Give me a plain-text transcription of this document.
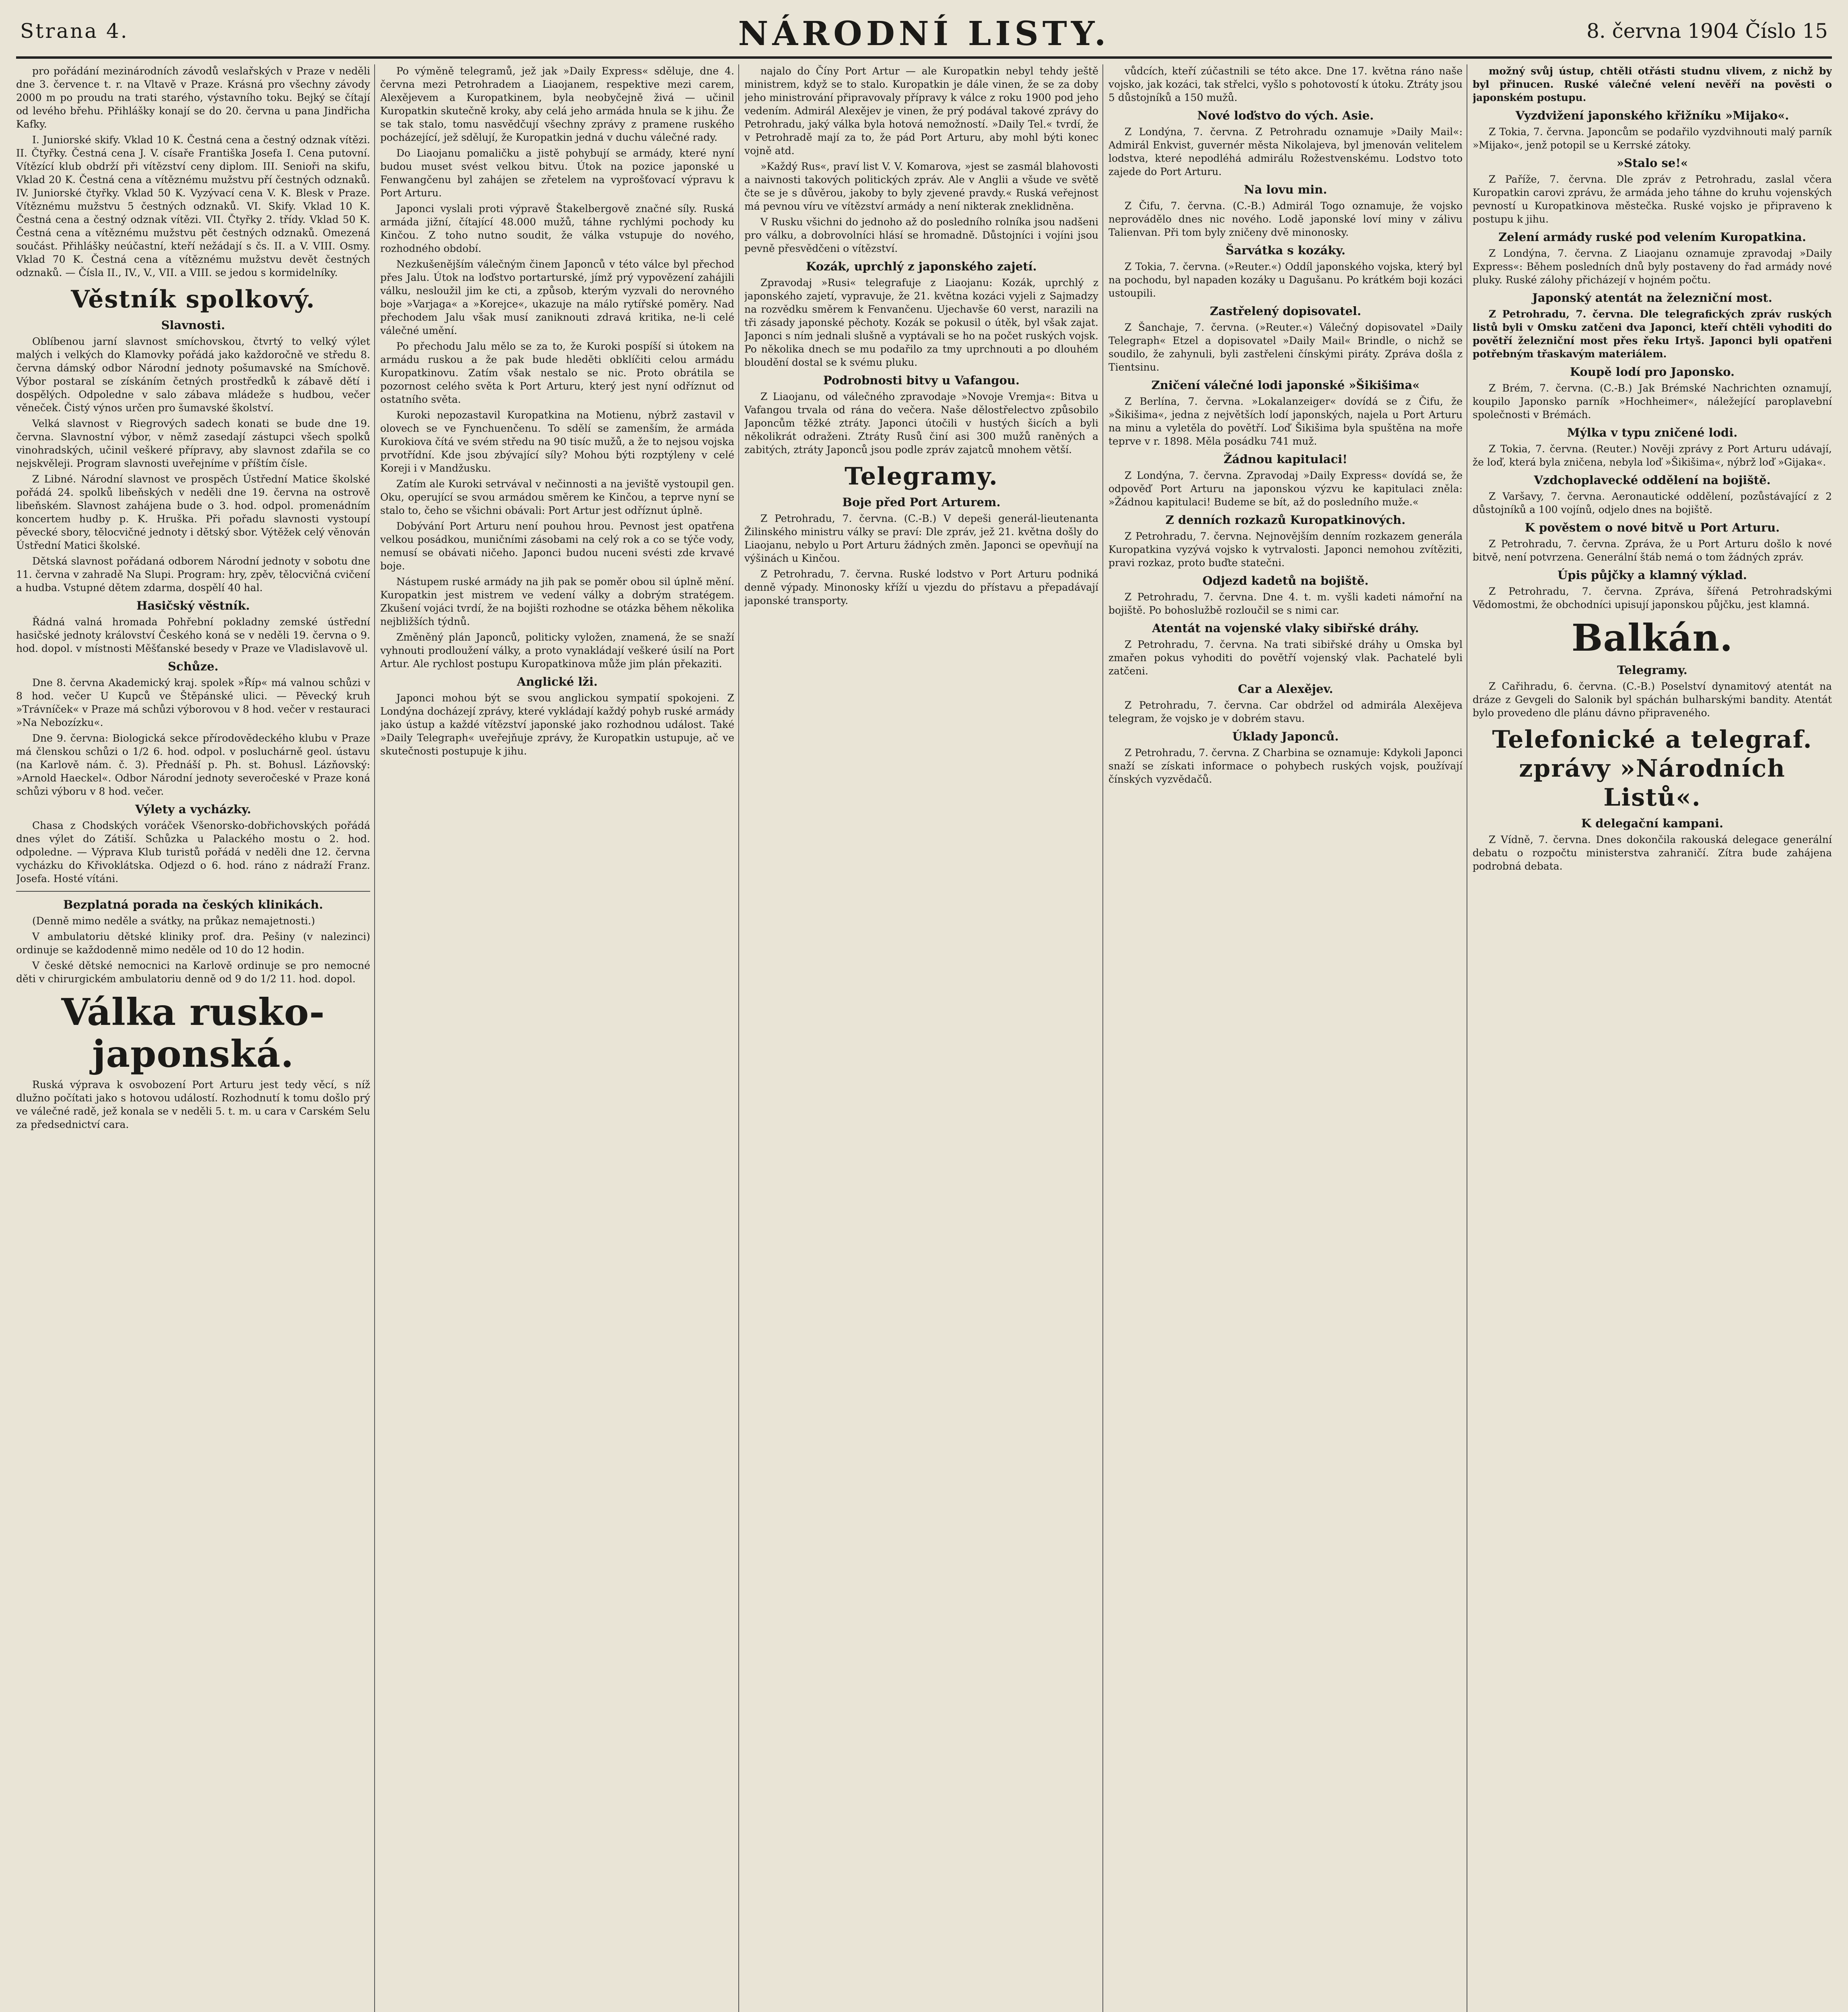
Strana 4.	NÁRODNÍ LISTY.	8. června 1904 Číslo 15

pro pořádání mezinárodních závodů veslařských v Praze v neděli dne 3. července t. r. na Vltavě v Praze. Krásná pro všechny závody 2000 m po proudu na trati starého, výstavního toku. Bejký se čítají od levého břehu. Přihlášky konají se do 20. června u pana Jindřicha Kafky.

I. Juniorské skify. Vklad 10 K. Čestná cena a čestný odznak vítězi. II. Čtyřky. Čestná cena J. V. císaře Františka Josefa I. Cena putovní. Vítězící klub obdrží při vítězství ceny diplom. III. Senioři na skifu, Vklad 20 K. Čestná cena a vítěznému mužstvu pří čestných odznaků. IV. Juniorské čtyřky. Vklad 50 K. Vyzývací cena V. K. Blesk v Praze. Vítěznému mužstvu 5 čestných odznaků. VI. Skify. Vklad 10 K. Čestná cena a čestný odznak vítězi. VII. Čtyřky 2. třídy. Vklad 50 K. Čestná cena a vítěznému mužstvu pět čestných odznaků. Omezená součást. Přihlášky neúčastní, kteří nežádají s čs. II. a V. VIII. Osmy. Vklad 70 K. Čestná cena a vítěznému mužstvu devět čestných odznaků. — Čísla II., IV., V., VII. a VIII. se jedou s kormidelníky.

Věstník spolkový.
Slavnosti.

Oblíbenou jarní slavnost smíchovskou, čtvrtý to velký výlet malých i velkých do Klamovky pořádá jako každoročně ve středu 8. června dámský odbor Národní jednoty pošumavské na Smíchově. Výbor postaral se získáním četných prostředků k zábavě dětí i dospělých. Odpoledne v salo zábava mládeže s hudbou, večer věneček. Čistý výnos určen pro šumavské školství.

Velká slavnost v Riegrových sadech konati se bude dne 19. června. Slavnostní výbor, v němž zasedají zástupci všech spolků vinohradských, učinil veškeré přípravy, aby slavnost zdařila se co nejskvěleji. Program slavnosti uveřejníme v příštím čísle.

Z Libné. Národní slavnost ve prospěch Ústřední Matice školské pořádá 24. spolků libeňských v neděli dne 19. června na ostrově libeňském. Slavnost zahájena bude o 3. hod. odpol. promenádním koncertem hudby p. K. Hruška. Při pořadu slavnosti vystoupí pěvecké sbory, tělocvičné jednoty i dětský sbor. Výtěžek celý věnován Ústřední Matici školské.

Dětská slavnost pořádaná odborem Národní jednoty v sobotu dne 11. června v zahradě Na Slupi. Program: hry, zpěv, tělocvičná cvičení a hudba. Vstupné dětem zdarma, dospělí 40 hal.

Hasičský věstník.

Řádná valná hromada Pohřební pokladny zemské ústřední hasičské jednoty království Českého koná se v neděli 19. června o 9. hod. dopol. v místnosti Měšťanské besedy v Praze ve Vladislavově ul.

Schůze.

Dne 8. června Akademický kraj. spolek »Říp« má valnou schůzi v 8 hod. večer U Kupců ve Štěpánské ulici. — Pěvecký kruh »Trávníček« v Praze má schůzi výborovou v 8 hod. večer v restauraci »Na Nebozízku«.

Dne 9. června: Biologická sekce přírodovědeckého klubu v Praze má členskou schůzi o 1/2 6. hod. odpol. v posluchárně geol. ústavu (na Karlově nám. č. 3). Přednáší p. Ph. st. Bohusl. Lázňovský: »Arnold Haeckel«. Odbor Národní jednoty severočeské v Praze koná schůzi výboru v 8 hod. večer.

Výlety a vycházky.

Chasa z Chodských voráček Všenorsko-dobřichovských pořádá dnes výlet do Zátiší. Schůzka u Palackého mostu o 2. hod. odpoledne. — Výprava Klub turistů pořádá v neděli dne 12. června vycházku do Křivoklátska. Odjezd o 6. hod. ráno z nádraží Franz. Josefa. Hosté vítáni.

Bezplatná porada na českých klinikách.

(Denně mimo neděle a svátky, na průkaz nemajetnosti.)

V ambulatoriu dětské kliniky prof. dra. Pešiny (v nalezinci) ordinuje se každodenně mimo neděle od 10 do 12 hodin.

V české dětské nemocnici na Karlově ordinuje se pro nemocné děti v chirurgickém ambulatoriu denně od 9 do 1/2 11. hod. dopol.

Válka rusko-japonská.

Ruská výprava k osvobození Port Arturu jest tedy věcí, s níž dlužno počítati jako s hotovou událostí. Rozhodnutí k tomu došlo prý ve válečné radě, jež konala se v neděli 5. t. m. u cara v Carském Selu za předsednictví cara.

Po výměně telegramů, jež jak »Daily Express« sděluje, dne 4. června mezi Petrohradem a Liaojanem, respektive mezi carem, Alexějevem a Kuropatkinem, byla neobyčejně živá — učinil Kuropatkin skutečně kroky, aby celá jeho armáda hnula se k jihu. Že se tak stalo, tomu nasvědčují všechny zprávy z pramene ruského pocházející, jež sdělují, že Kuropatkin jedná v duchu válečné rady.

Do Liaojanu pomaličku a jistě pohybují se armády, které nyní budou muset svést velkou bitvu. Útok na pozice japonské u Fenwangčenu byl zahájen se zřetelem na vyprošťovací výpravu k Port Arturu.

Japonci vyslali proti výpravě Štakelbergově značné síly. Ruská armáda jižní, čítající 48.000 mužů, táhne rychlými pochody ku Kinčou. Z toho nutno soudit, že válka vstupuje do nového, rozhodného období.

Nezkušenějším válečným činem Japonců v této válce byl přechod přes Jalu. Útok na loďstvo portarturské, jímž prý vypovězení zahájili válku, nesloužil jim ke cti, a způsob, kterým vyzvali do nerovného boje »Varjaga« a »Korejce«, ukazuje na málo rytířské poměry. Nad přechodem Jalu však musí zaniknouti zdravá kritika, ne-li celé válečné umění.

Po přechodu Jalu mělo se za to, že Kuroki pospíší si útokem na armádu ruskou a že pak bude hleděti obklíčiti celou armádu Kuropatkinovu. Zatím však nestalo se nic. Proto obrátila se pozornost celého světa k Port Arturu, který jest nyní odříznut od ostatního světa.

Kuroki nepozastavil Kuropatkina na Motienu, nýbrž zastavil v olovech se ve Fynchuenčenu. To sdělí se zamenším, že armáda Kurokiova čítá ve svém středu na 90 tisíc mužů, a že to nejsou vojska prvotřídní. Kde jsou zbývající síly? Mohou býti rozptýleny v celé Koreji i v Mandžusku.

Zatím ale Kuroki setrvával v nečinnosti a na jeviště vystoupil gen. Oku, operující se svou armádou směrem ke Kinčou, a teprve nyní se stalo to, čeho se všichni obávali: Port Artur jest odříznut úplně.

Dobývání Port Arturu není pouhou hrou. Pevnost jest opatřena velkou posádkou, muničními zásobami na celý rok a co se týče vody, nemusí se obávati ničeho. Japonci budou nuceni svésti zde krvavé boje.

Nástupem ruské armády na jih pak se poměr obou sil úplně mění. Kuropatkin jest mistrem ve vedení války a dobrým stratégem. Zkušení vojáci tvrdí, že na bojišti rozhodne se otázka během několika nejbližších týdnů.

Změněný plán Japonců, politicky vyložen, znamená, že se snaží vyhnouti prodloužení války, a proto vynakládají veškeré úsilí na Port Artur. Ale rychlost postupu Kuropatkinova může jim plán překaziti.

Anglické lži.

Japonci mohou být se svou anglickou sympatií spokojeni. Z Londýna docházejí zprávy, které vykládají každý pohyb ruské armády jako ústup a každé vítězství japonské jako rozhodnou událost. Také »Daily Telegraph« uveřejňuje zprávy, že Kuropatkin ustupuje, ač ve skutečnosti postupuje k jihu.

najalo do Číny Port Artur — ale Kuropatkin nebyl tehdy ještě ministrem, když se to stalo. Kuropatkin je dále vinen, že se za doby jeho ministrování připravovaly přípravy k válce z roku 1900 pod jeho vedením. Admirál Alexějev je vinen, že prý podával takové zprávy do Petrohradu, jaký válka byla hotová nemožností. »Daily Tel.« tvrdí, že v Petrohradě mají za to, že pád Port Arturu, aby mohl býti konec vojně atd.

»Každý Rus«, praví list V. V. Komarova, »jest se zasmál blahovosti a naivnosti takových politických zpráv. Ale v Anglii a všude ve světě čte se je s důvěrou, jakoby to byly zjevené pravdy.« Ruská veřejnost má pevnou víru ve vítězství armády a není nikterak zneklidněna.

V Rusku všichni do jednoho až do posledního rolníka jsou nadšeni pro válku, a dobrovolníci hlásí se hromadně. Důstojníci i vojíni jsou pevně přesvědčeni o vítězství.

Kozák, uprchlý z japonského zajetí.

Zpravodaj »Rusi« telegrafuje z Liaojanu: Kozák, uprchlý z japonského zajetí, vypravuje, že 21. května kozáci vyjeli z Sajmadzy na rozvědku směrem k Fenvančenu. Ujechavše 60 verst, narazili na tři zásady japonské pěchoty. Kozák se pokusil o útěk, byl však zajat. Japonci s ním jednali slušně a vyptávali se ho na počet ruských vojsk. Po několika dnech se mu podařilo za tmy uprchnouti a po dlouhém bloudění dostal se k svému pluku.

Podrobnosti bitvy u Vafangou.

Z Liaojanu, od válečného zpravodaje »Novoje Vremja«: Bitva u Vafangou trvala od rána do večera. Naše dělostřelectvo způsobilo Japoncům těžké ztráty. Japonci útočili v hustých šicích a byli několikrát odraženi. Ztráty Rusů činí asi 300 mužů raněných a zabitých, ztráty Japonců jsou podle zpráv zajatců mnohem větší.

Telegramy.
Boje před Port Arturem.

Z Petrohradu, 7. června. (C.-B.) V depeši generál-lieutenanta Žilinského ministru války se praví: Dle zpráv, jež 21. května došly do Liaojanu, nebylo u Port Arturu žádných změn. Japonci se opevňují na výšinách u Kinčou.

Z Petrohradu, 7. června. Ruské lodstvo v Port Arturu podniká denně výpady. Minonosky kříží u vjezdu do přístavu a přepadávají japonské transporty.

vůdcích, kteří zúčastnili se této akce. Dne 17. května ráno naše vojsko, jak kozáci, tak střelci, vyšlo s pohotovostí k útoku. Ztráty jsou 5 důstojníků a 150 mužů.

Nové loďstvo do vých. Asie.

Z Londýna, 7. června. Z Petrohradu oznamuje »Daily Mail«: Admirál Enkvist, guvernér města Nikolajeva, byl jmenován velitelem lodstva, které nepodléhá admirálu Rožestvenskému. Lodstvo toto zajede do Port Arturu.

Na lovu min.

Z Čifu, 7. června. (C.-B.) Admirál Togo oznamuje, že vojsko neprovádělo dnes nic nového. Lodě japonské loví miny v zálivu Talienvan. Při tom byly zničeny dvě minonosky.

Šarvátka s kozáky.

Z Tokia, 7. června. (»Reuter.«) Oddíl japonského vojska, který byl na pochodu, byl napaden kozáky u Dagušanu. Po krátkém boji kozáci ustoupili.

Zastřelený dopisovatel.

Z Šanchaje, 7. června. (»Reuter.«) Válečný dopisovatel »Daily Telegraph« Etzel a dopisovatel »Daily Mail« Brindle, o nichž se soudilo, že zahynuli, byli zastřeleni čínskými piráty. Zpráva došla z Tientsinu.

Zničení válečné lodi japonské »Šikišima«

Z Berlína, 7. června. »Lokalanzeiger« dovídá se z Čifu, že »Šikišima«, jedna z největších lodí japonských, najela u Port Arturu na minu a vyletěla do povětří. Loď Šikišima byla spuštěna na moře teprve v r. 1898. Měla posádku 741 muž.

Žádnou kapitulaci!

Z Londýna, 7. června. Zpravodaj »Daily Express« dovídá se, že odpověď Port Arturu na japonskou výzvu ke kapitulaci zněla: »Žádnou kapitulaci! Budeme se bít, až do posledního muže.«

Z denních rozkazů Kuropatkinových.

Z Petrohradu, 7. června. Nejnovějším denním rozkazem generála Kuropatkina vyzývá vojsko k vytrvalosti. Japonci nemohou zvítěziti, pravi rozkaz, proto buďte statečni.

Odjezd kadetů na bojiště.

Z Petrohradu, 7. června. Dne 4. t. m. vyšli kadeti námořní na bojiště. Po bohoslužbě rozloučil se s nimi car.

Atentát na vojenské vlaky sibiřské dráhy.

Z Petrohradu, 7. června. Na trati sibiřské dráhy u Omska byl zmařen pokus vyhoditi do povětří vojenský vlak. Pachatelé byli zatčeni.

Car a Alexějev.

Z Petrohradu, 7. června. Car obdržel od admirála Alexějeva telegram, že vojsko je v dobrém stavu.

Úklady Japonců.

Z Petrohradu, 7. června. Z Charbina se oznamuje: Kdykoli Japonci snaží se získati informace o pohybech ruských vojsk, používají čínských vyzvědačů.

možný svůj ústup, chtěli otřásti studnu vlivem, z nichž by byl přinucen. Ruské válečné velení nevěří na pověsti o japonském postupu.

Vyzdvižení japonského křižníku »Mijako«.

Z Tokia, 7. června. Japoncům se podařilo vyzdvihnouti malý parník »Mijako«, jenž potopil se u Kerrské zátoky.

»Stalo se!«

Z Paříže, 7. června. Dle zpráv z Petrohradu, zaslal včera Kuropatkin carovi zprávu, že armáda jeho táhne do kruhu vojenských pevností u Kuropatkinova městečka. Ruské vojsko je připraveno k postupu k jihu.

Zelení armády ruské pod velením Kuropatkina.

Z Londýna, 7. června. Z Liaojanu oznamuje zpravodaj »Daily Express«: Během posledních dnů byly postaveny do řad armády nové pluky. Ruské zálohy přicházejí v hojném počtu.

Japonský atentát na železniční most.

Z Petrohradu, 7. června. Dle telegrafických zpráv ruských listů byli v Omsku zatčeni dva Japonci, kteří chtěli vyhoditi do povětří železniční most přes řeku Irtyš. Japonci byli opatřeni potřebným třaskavým materiálem.

Koupě lodí pro Japonsko.

Z Brém, 7. června. (C.-B.) Jak Brémské Nachrichten oznamují, koupilo Japonsko parník »Hochheimer«, náležející paroplavební společnosti v Brémách.

Mýlka v typu zničené lodi.

Z Tokia, 7. června. (Reuter.) Nověji zprávy z Port Arturu udávají, že loď, která byla zničena, nebyla loď »Šikišima«, nýbrž loď »Gijaka«.

Vzdchoplavecké oddělení na bojiště.

Z Varšavy, 7. června. Aeronautické oddělení, pozůstávající z 2 důstojníků a 100 vojínů, odjelo dnes na bojiště.

K pověstem o nové bitvě u Port Arturu.

Z Petrohradu, 7. června. Zpráva, že u Port Arturu došlo k nové bitvě, není potvrzena. Generální štáb nemá o tom žádných zpráv.

Úpis půjčky a klamný výklad.

Z Petrohradu, 7. června. Zpráva, šířená Petrohradskými Vědomostmi, že obchodníci upisují japonskou půjčku, jest klamná.

Balkán.
Telegramy.

Z Cařihradu, 6. června. (C.-B.) Poselství dynamitový atentát na dráze z Gevgeli do Salonik byl spáchán bulharskými bandity. Atentát bylo provedeno dle plánu dávno připraveného.

Telefonické a telegraf. zprávy »Národních Listů«.
K delegační kampani.

Z Vídně, 7. června. Dnes dokončila rakouská delegace generální debatu o rozpočtu ministerstva zahraničí. Zítra bude zahájena podrobná debata.
